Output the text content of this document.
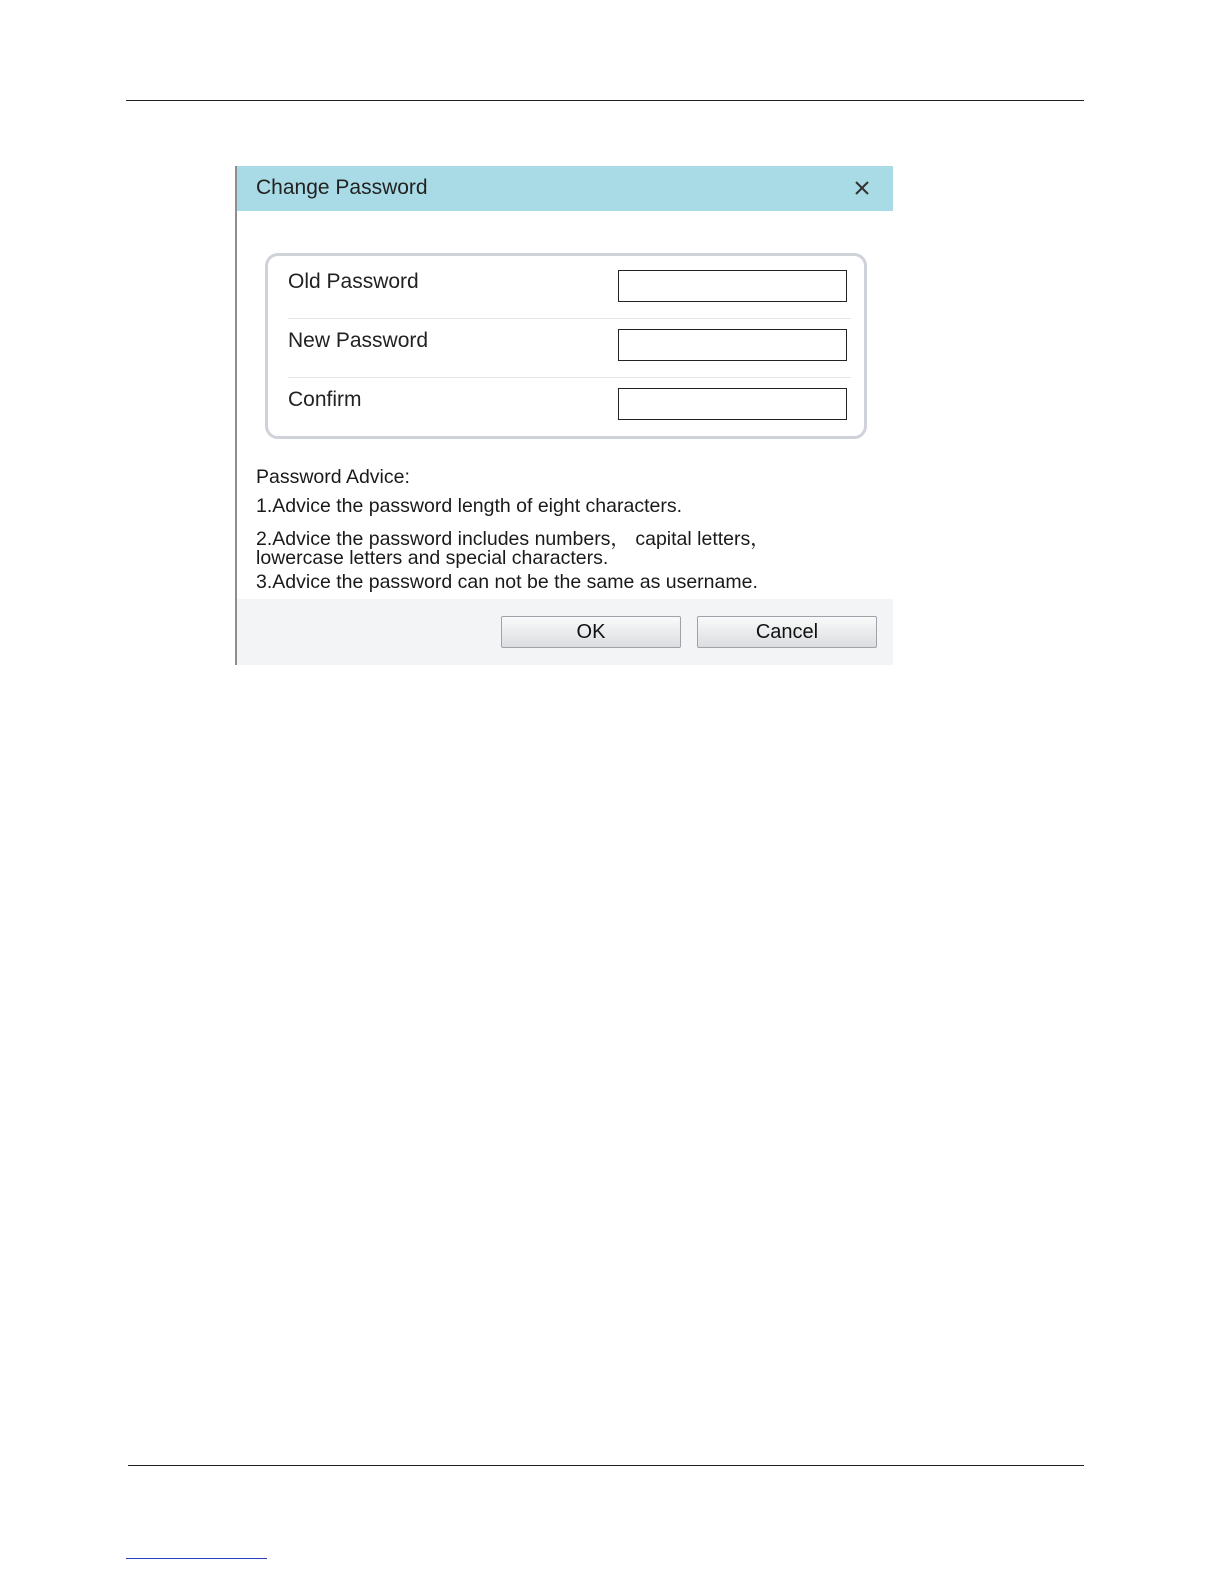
Change Password
Old Password
New Password
Confirm
Password Advice:
1.Advice the password length of eight characters.
2.Advice the password includes numbers， capital letters，
lowercase letters and special characters.
3.Advice the password can not be the same as username.
OK	Cancel
